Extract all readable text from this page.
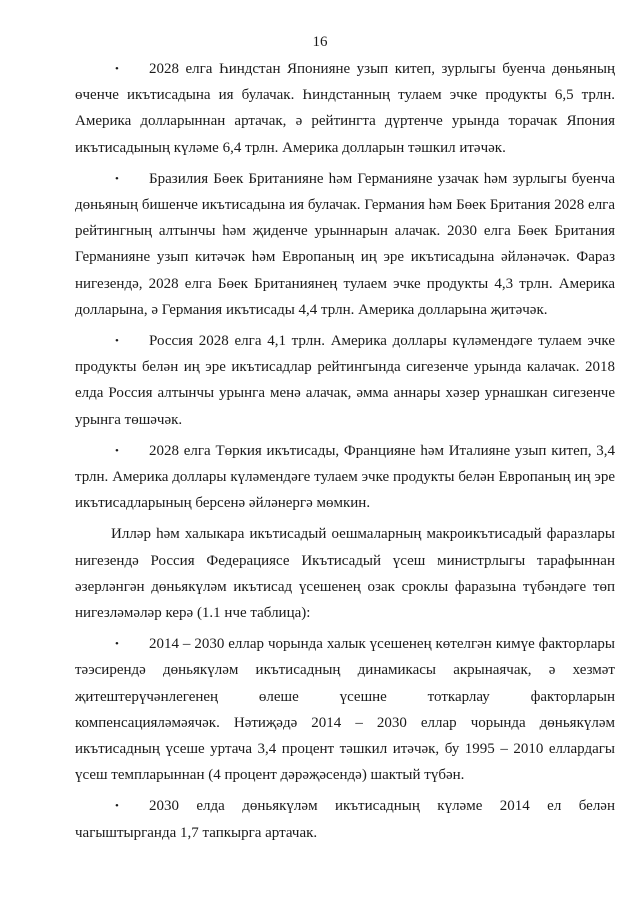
16

• 2028 елга Һиндстан Японияне узып китеп, зурлыгы буенча дөньяның өченче икътисадына ия булачак. Һиндстанның тулаем эчке продукты 6,5 трлн. Америка долларыннан артачак, ә рейтингта дүртенче урында торачак Япония икътисадының күләме 6,4 трлн. Америка долларын тәшкил итәчәк.

• Бразилия Бөек Британияне һәм Германияне узачак һәм зурлыгы буенча дөньяның бишенче икътисадына ия булачак. Германия һәм Бөек Британия 2028 елга рейтингның алтынчы һәм җиденче урыннарын алачак. 2030 елга Бөек Британия Германияне узып китәчәк һәм Европаның иң эре икътисадына әйләнәчәк. Фараз нигезендә, 2028 елга Бөек Британиянең тулаем эчке продукты 4,3 трлн. Америка долларына, ә Германия икътисады 4,4 трлн. Америка долларына җитәчәк.

• Россия 2028 елга 4,1 трлн. Америка доллары күләмендәге тулаем эчке продукты белән иң эре икътисадлар рейтингында сигезенче урында калачак. 2018 елда Россия алтынчы урынга менә алачак, әмма аннары хәзер урнашкан сигезенче урынга төшәчәк.

• 2028 елга Төркия икътисады, Франциянe һәм Италияне узып китеп, 3,4 трлн. Америка доллары күләмендәге тулаем эчке продукты белән Европаның иң эре икътисадларының берсенә әйләнергә мөмкин.

Илләр һәм халыкара икътисадый оешмаларның макроикътисадый фаразлары нигезендә Россия Федерациясе Икътисадый үсеш министрлыгы тарафыннан әзерләнгән дөньякүләм икътисад үсешенең озак сроклы фаразына түбәндәге төп нигезләмәләр керә (1.1 нче таблица):

• 2014 – 2030 еллар чорында халык үсешенең көтелгән кимүе факторлары тәэсирендә дөньякүләм икътисадның динамикасы акрынаячак, ә хезмәт җитештерүчәнлегенең өлеше үсешне тоткарлау факторларын компенсацияләмәячәк. Нәтиҗәдә 2014 – 2030 еллар чорында дөньякүләм икътисадның үсеше уртача 3,4 процент тәшкил итәчәк, бу 1995 – 2010 еллардагы үсеш темпларыннан (4 процент дәрәҗәсендә) шактый түбән.

• 2030 елда дөньякүләм икътисадның күләме 2014 ел белән чагыштырганда 1,7 тапкырга артачак.
